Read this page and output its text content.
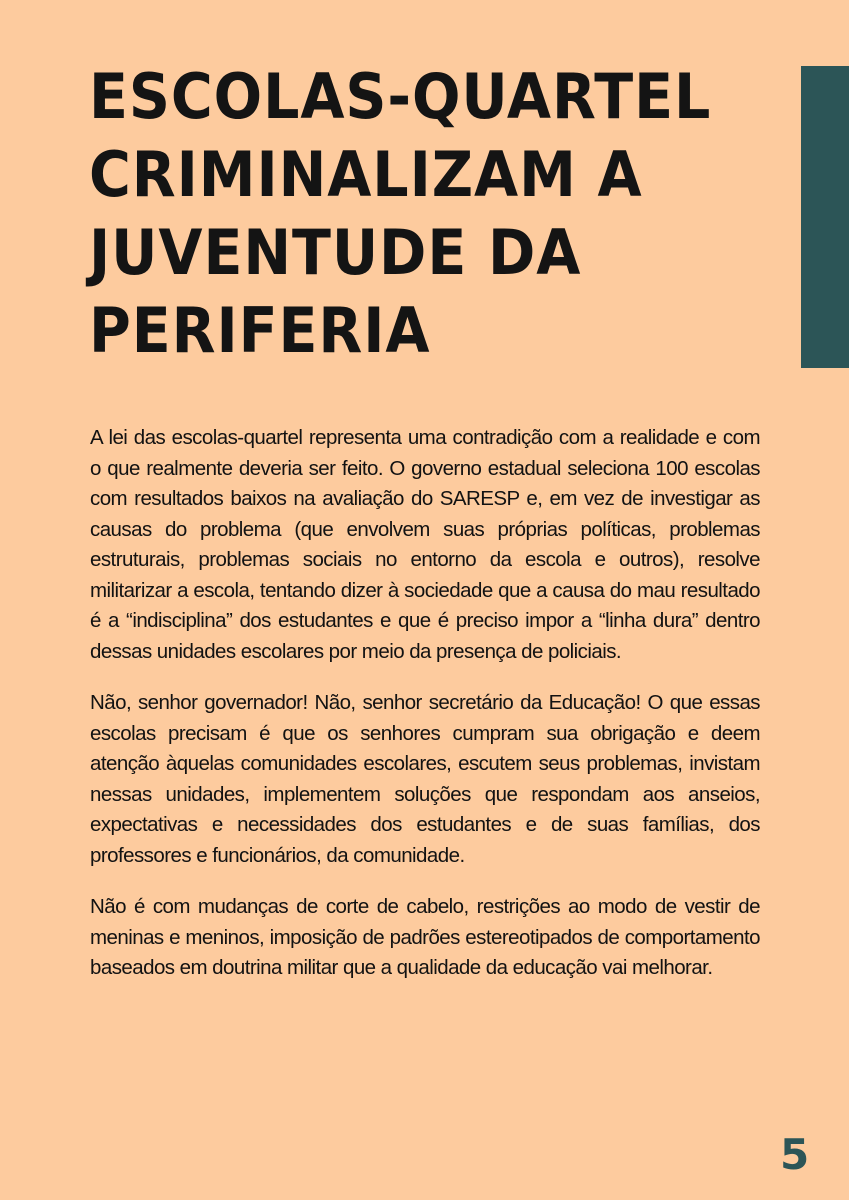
ESCOLAS-QUARTEL
CRIMINALIZAM A
JUVENTUDE DA
PERIFERIA

A lei das escolas-quartel representa uma contradição com a realidade e com o que realmente deveria ser feito. O governo estadual seleciona 100 escolas com resultados baixos na avaliação do SARESP e, em vez de investigar as causas do problema (que envolvem suas próprias políticas, problemas estruturais, problemas sociais no entorno da escola e outros), resolve militarizar a escola, tentando dizer à sociedade que a causa do mau resultado é a “indisciplina” dos estudantes e que é preciso impor a “linha dura” dentro dessas unidades escolares por meio da presença de policiais.

Não, senhor governador! Não, senhor secretário da Educação! O que essas escolas precisam é que os senhores cumpram sua obrigação e deem atenção àquelas comunidades escolares, escutem seus problemas, invistam nessas unidades, implementem soluções que respondam aos anseios, expectativas e necessidades dos estudantes e de suas famílias, dos professores e funcionários, da comunidade.

Não é com mudanças de corte de cabelo, restrições ao modo de vestir de meninas e meninos, imposição de padrões estereotipados de comportamento baseados em doutrina militar que a qualidade da educação vai melhorar.

5
